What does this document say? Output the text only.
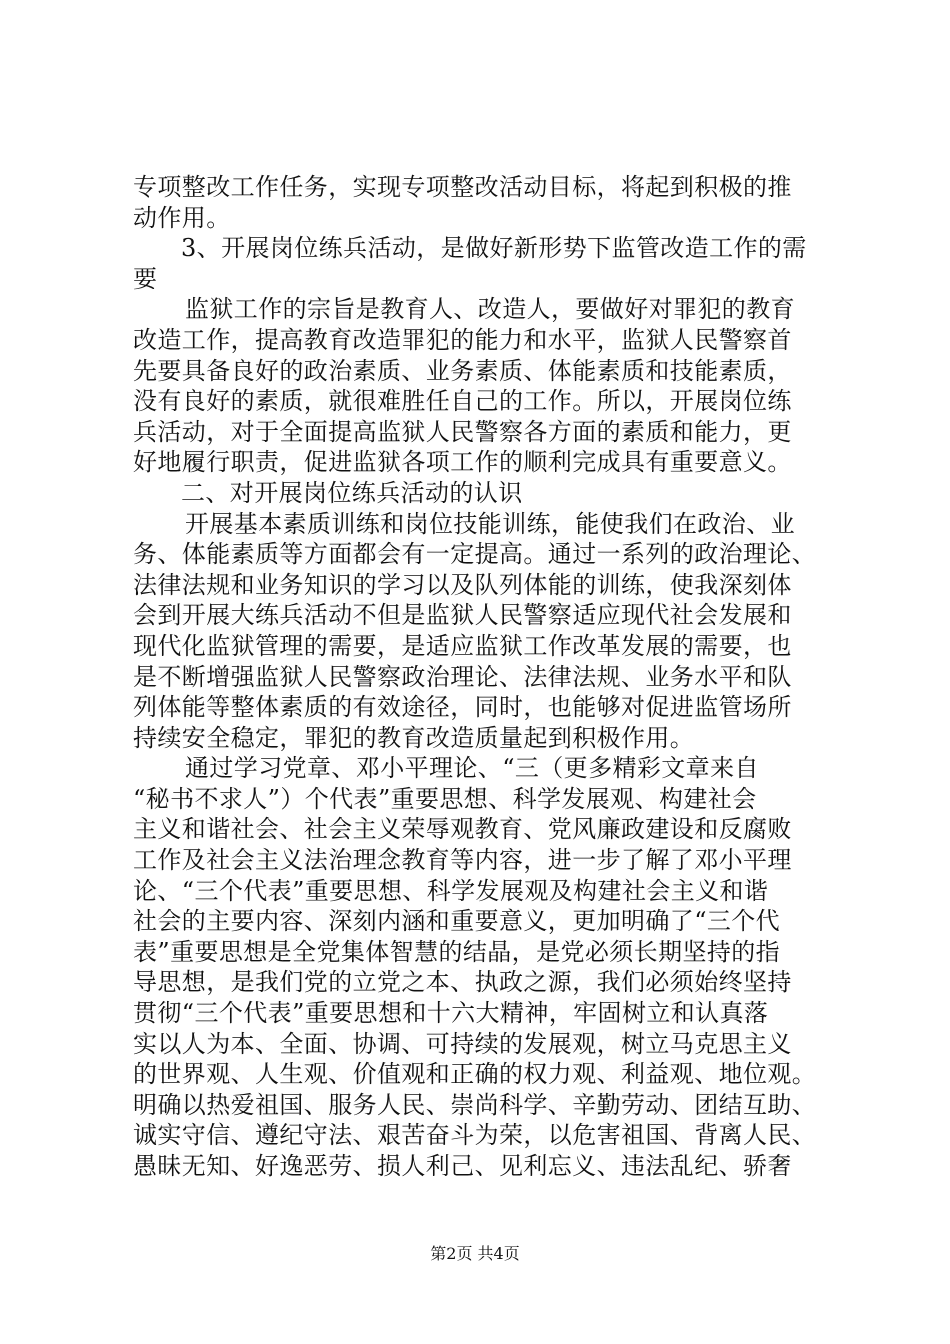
专项整改工作任务，实现专项整改活动目标，将起到积极的推
动作用。
3、开展岗位练兵活动，是做好新形势下监管改造工作的需
要
监狱工作的宗旨是教育人、改造人，要做好对罪犯的教育
改造工作，提高教育改造罪犯的能力和水平，监狱人民警察首
先要具备良好的政治素质、业务素质、体能素质和技能素质，
没有良好的素质，就很难胜任自己的工作。所以，开展岗位练
兵活动，对于全面提高监狱人民警察各方面的素质和能力，更
好地履行职责，促进监狱各项工作的顺利完成具有重要意义。
二、对开展岗位练兵活动的认识
开展基本素质训练和岗位技能训练，能使我们在政治、业
务、体能素质等方面都会有一定提高。通过一系列的政治理论、
法律法规和业务知识的学习以及队列体能的训练，使我深刻体
会到开展大练兵活动不但是监狱人民警察适应现代社会发展和
现代化监狱管理的需要，是适应监狱工作改革发展的需要，也
是不断增强监狱人民警察政治理论、法律法规、业务水平和队
列体能等整体素质的有效途径，同时，也能够对促进监管场所
持续安全稳定，罪犯的教育改造质量起到积极作用。
通过学习党章、邓小平理论、“三（更多精彩文章来自
“秘书不求人”）个代表”重要思想、科学发展观、构建社会
主义和谐社会、社会主义荣辱观教育、党风廉政建设和反腐败
工作及社会主义法治理念教育等内容，进一步了解了邓小平理
论、“三个代表”重要思想、科学发展观及构建社会主义和谐
社会的主要内容、深刻内涵和重要意义，更加明确了“三个代
表”重要思想是全党集体智慧的结晶，是党必须长期坚持的指
导思想，是我们党的立党之本、执政之源，我们必须始终坚持
贯彻“三个代表”重要思想和十六大精神，牢固树立和认真落
实以人为本、全面、协调、可持续的发展观，树立马克思主义
的世界观、人生观、价值观和正确的权力观、利益观、地位观。
明确以热爱祖国、服务人民、崇尚科学、辛勤劳动、团结互助、
诚实守信、遵纪守法、艰苦奋斗为荣，以危害祖国、背离人民、
愚昧无知、好逸恶劳、损人利己、见利忘义、违法乱纪、骄奢
第2页 共4页
